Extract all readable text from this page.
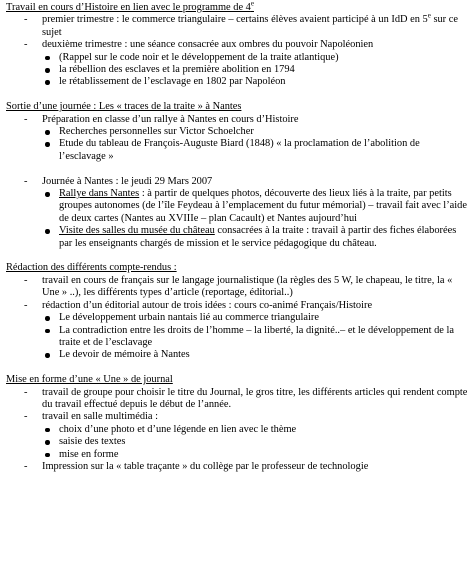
Travail en cours d’Histoire en lien avec le programme de 4e
- premier trimestre : le commerce triangulaire – certains élèves avaient participé à un IdD en 5e sur ce sujet
- deuxième trimestre : une séance consacrée aux ombres du pouvoir Napoléonien
(Rappel sur le code noir et le développement de la traite atlantique)
la rébellion des esclaves et la première abolition en 1794
le rétablissement de l’esclavage en 1802 par Napoléon
Sortie d’une journée : Les « traces de la traite » à Nantes
- Préparation en classe d’un rallye à Nantes en cours d’Histoire
Recherches personnelles sur Victor Schoelcher
Etude du tableau de François-Auguste Biard (1848) « la proclamation de l’abolition de l’esclavage »
- Journée à Nantes : le jeudi 29 Mars 2007
Rallye dans Nantes : à partir de quelques photos, découverte des lieux liés à la traite, par petits groupes autonomes (de l’île Feydeau à l’emplacement du futur mémorial) – travail fait avec l’aide de deux cartes (Nantes au XVIIIe – plan Cacault) et Nantes aujourd’hui
Visite des salles du musée du château consacrées à la traite : travail à partir des fiches élaborées par les enseignants chargés de mission et le service pédagogique du château.
Rédaction des différents compte-rendus :
- travail en cours de français sur le langage journalistique (la règles des 5 W, le chapeau, le titre, la « Une » ..), les différents types d’article (reportage, éditorial..)
- rédaction d’un éditorial autour de trois idées : cours co-animé Français/Histoire
Le développement urbain nantais lié au commerce triangulaire
La contradiction entre les droits de l’homme – la liberté, la dignité..– et le développement de la traite et de l’esclavage
Le devoir de mémoire à Nantes
Mise en forme d’une « Une » de journal
- travail de groupe pour choisir le titre du Journal, le gros titre, les différents articles qui rendent compte du travail effectué depuis le début de l’année.
- travail en salle multimédia :
choix d’une photo et d’une légende en lien avec le thème
saisie des textes
mise en forme
- Impression sur la « table traçante » du collège par le professeur de technologie
